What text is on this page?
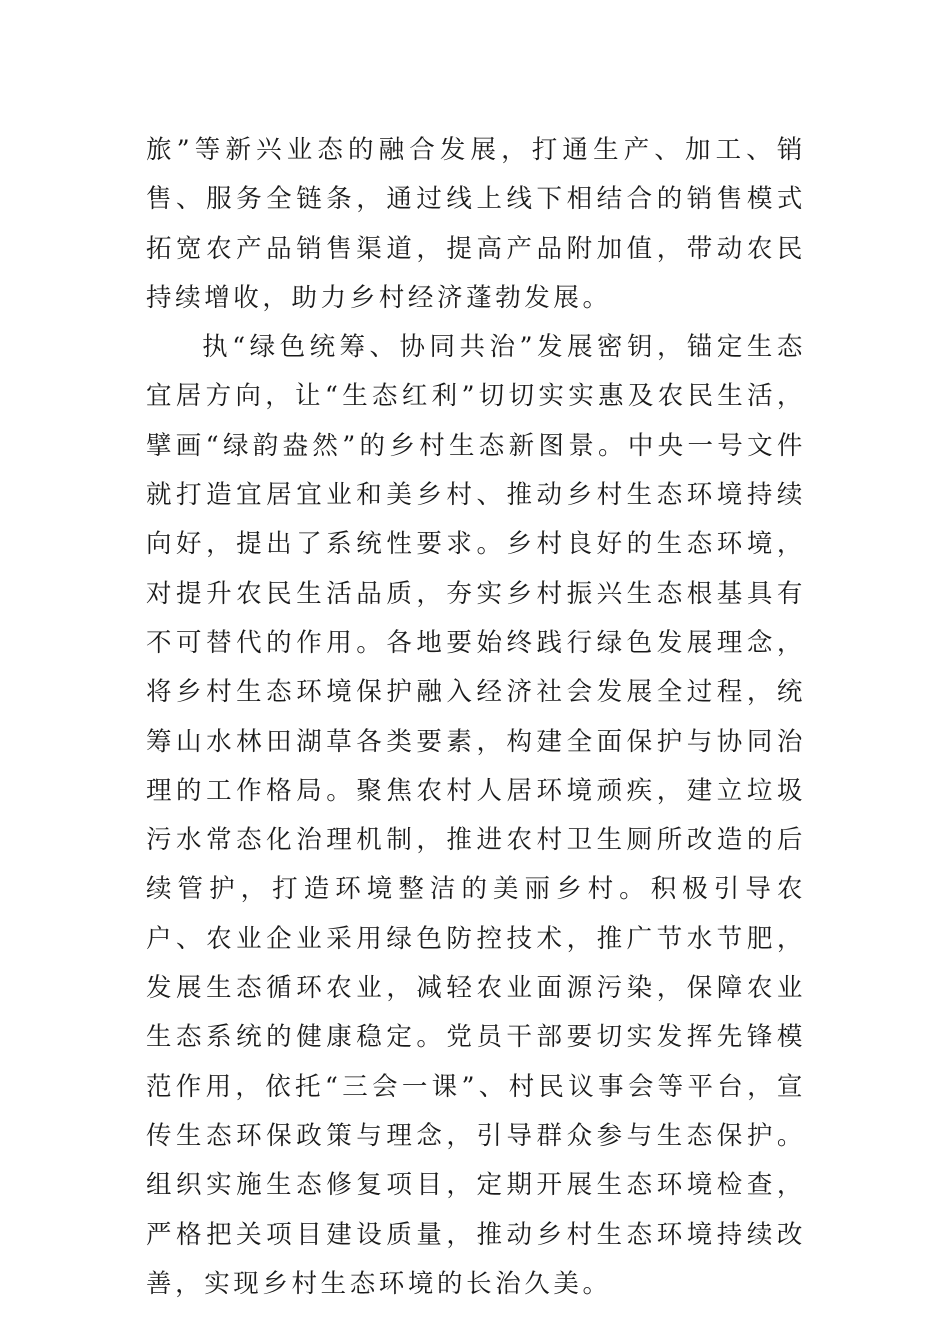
旅”等新兴业态的融合发展，打通生产、加工、销售、服务全链条，通过线上线下相结合的销售模式拓宽农产品销售渠道，提高产品附加值，带动农民持续增收，助力乡村经济蓬勃发展。

执“绿色统筹、协同共治”发展密钥，锚定生态宜居方向，让“生态红利”切切实实惠及农民生活，擘画“绿韵盎然”的乡村生态新图景。中央一号文件就打造宜居宜业和美乡村、推动乡村生态环境持续向好，提出了系统性要求。乡村良好的生态环境，对提升农民生活品质，夯实乡村振兴生态根基具有不可替代的作用。各地要始终践行绿色发展理念，将乡村生态环境保护融入经济社会发展全过程，统筹山水林田湖草各类要素，构建全面保护与协同治理的工作格局。聚焦农村人居环境顽疾，建立垃圾污水常态化治理机制，推进农村卫生厕所改造的后续管护，打造环境整洁的美丽乡村。积极引导农户、农业企业采用绿色防控技术，推广节水节肥，发展生态循环农业，减轻农业面源污染，保障农业生态系统的健康稳定。党员干部要切实发挥先锋模范作用，依托“三会一课”、村民议事会等平台，宣传生态环保政策与理念，引导群众参与生态保护。组织实施生态修复项目，定期开展生态环境检查，严格把关项目建设质量，推动乡村生态环境持续改善，实现乡村生态环境的长治久美。
